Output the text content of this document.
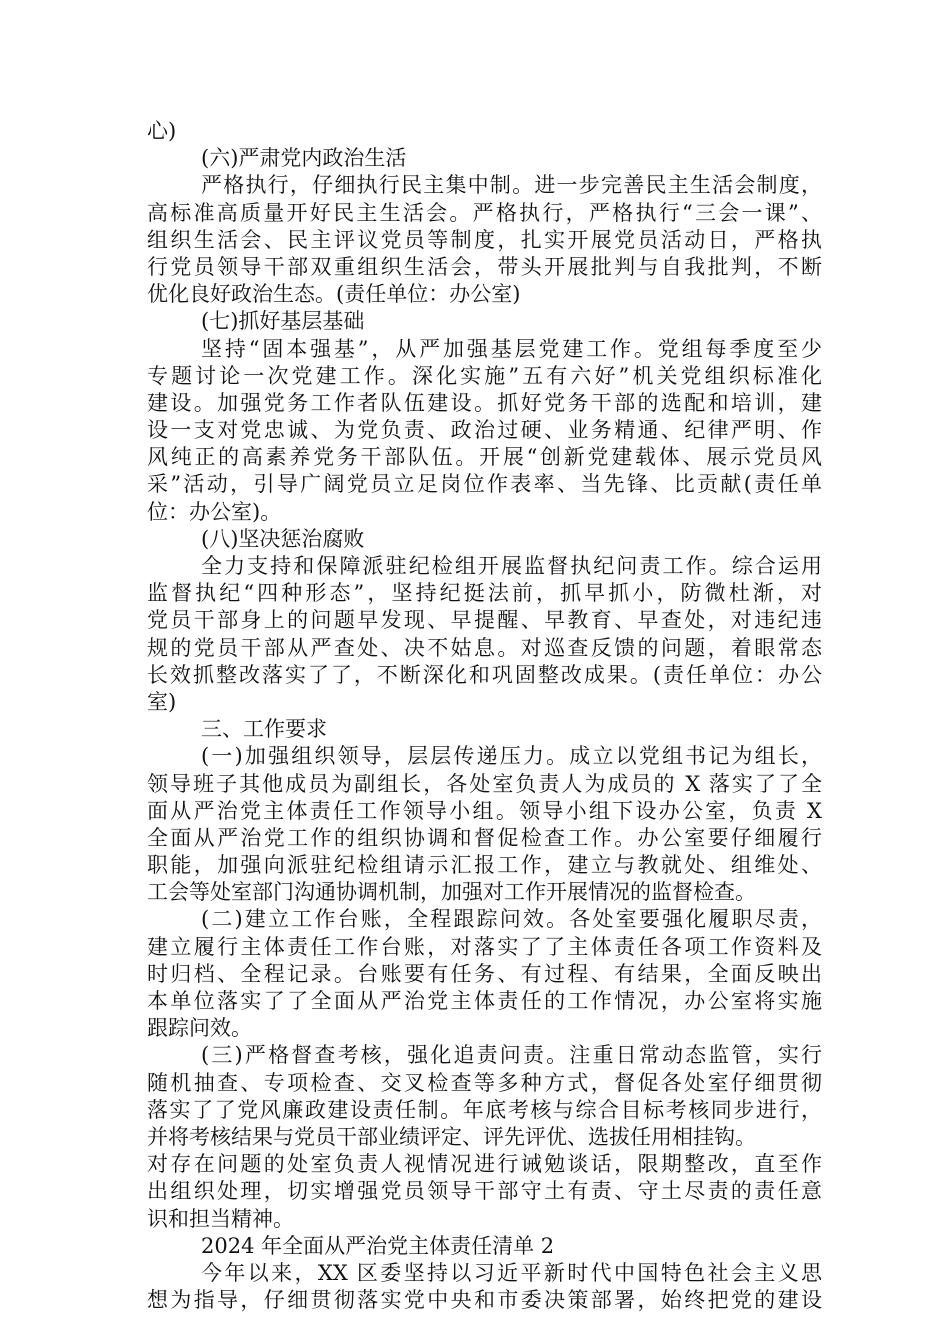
心)
(六)严肃党内政治生活
严格执行，仔细执行民主集中制。进一步完善民主生活会制度，
高标准高质量开好民主生活会。严格执行，严格执行“三会一课”、
组织生活会、民主评议党员等制度，扎实开展党员活动日，严格执
行党员领导干部双重组织生活会，带头开展批判与自我批判，不断
优化良好政治生态。(责任单位：办公室)
(七)抓好基层基础
坚持“固本强基”，从严加强基层党建工作。党组每季度至少
专题讨论一次党建工作。深化实施”五有六好”机关党组织标准化
建设。加强党务工作者队伍建设。抓好党务干部的选配和培训，建
设一支对党忠诚、为党负责、政治过硬、业务精通、纪律严明、作
风纯正的高素养党务干部队伍。开展“创新党建载体、展示党员风
采”活动，引导广阔党员立足岗位作表率、当先锋、比贡献(责任单
位：办公室)。
(八)坚决惩治腐败
全力支持和保障派驻纪检组开展监督执纪问责工作。综合运用
监督执纪“四种形态”，坚持纪挺法前，抓早抓小，防微杜渐，对
党员干部身上的问题早发现、早提醒、早教育、早查处，对违纪违
规的党员干部从严查处、决不姑息。对巡查反馈的问题，着眼常态
长效抓整改落实了了，不断深化和巩固整改成果。(责任单位：办公
室)
三、工作要求
(一)加强组织领导，层层传递压力。成立以党组书记为组长，
领导班子其他成员为副组长，各处室负责人为成员的 X 落实了了全
面从严治党主体责任工作领导小组。领导小组下设办公室，负责 X
全面从严治党工作的组织协调和督促检查工作。办公室要仔细履行
职能，加强向派驻纪检组请示汇报工作，建立与教就处、组维处、
工会等处室部门沟通协调机制，加强对工作开展情况的监督检查。
(二)建立工作台账，全程跟踪问效。各处室要强化履职尽责，
建立履行主体责任工作台账，对落实了了主体责任各项工作资料及
时归档、全程记录。台账要有任务、有过程、有结果，全面反映出
本单位落实了了全面从严治党主体责任的工作情况，办公室将实施
跟踪问效。
(三)严格督查考核，强化追责问责。注重日常动态监管，实行
随机抽查、专项检查、交叉检查等多种方式，督促各处室仔细贯彻
落实了了党风廉政建设责任制。年底考核与综合目标考核同步进行，
并将考核结果与党员干部业绩评定、评先评优、选拔任用相挂钩。
对存在问题的处室负责人视情况进行诫勉谈话，限期整改，直至作
出组织处理，切实增强党员领导干部守土有责、守土尽责的责任意
识和担当精神。
2024 年全面从严治党主体责任清单 2
今年以来，XX 区委坚持以习近平新时代中国特色社会主义思
想为指导，仔细贯彻落实党中央和市委决策部署，始终把党的建设
